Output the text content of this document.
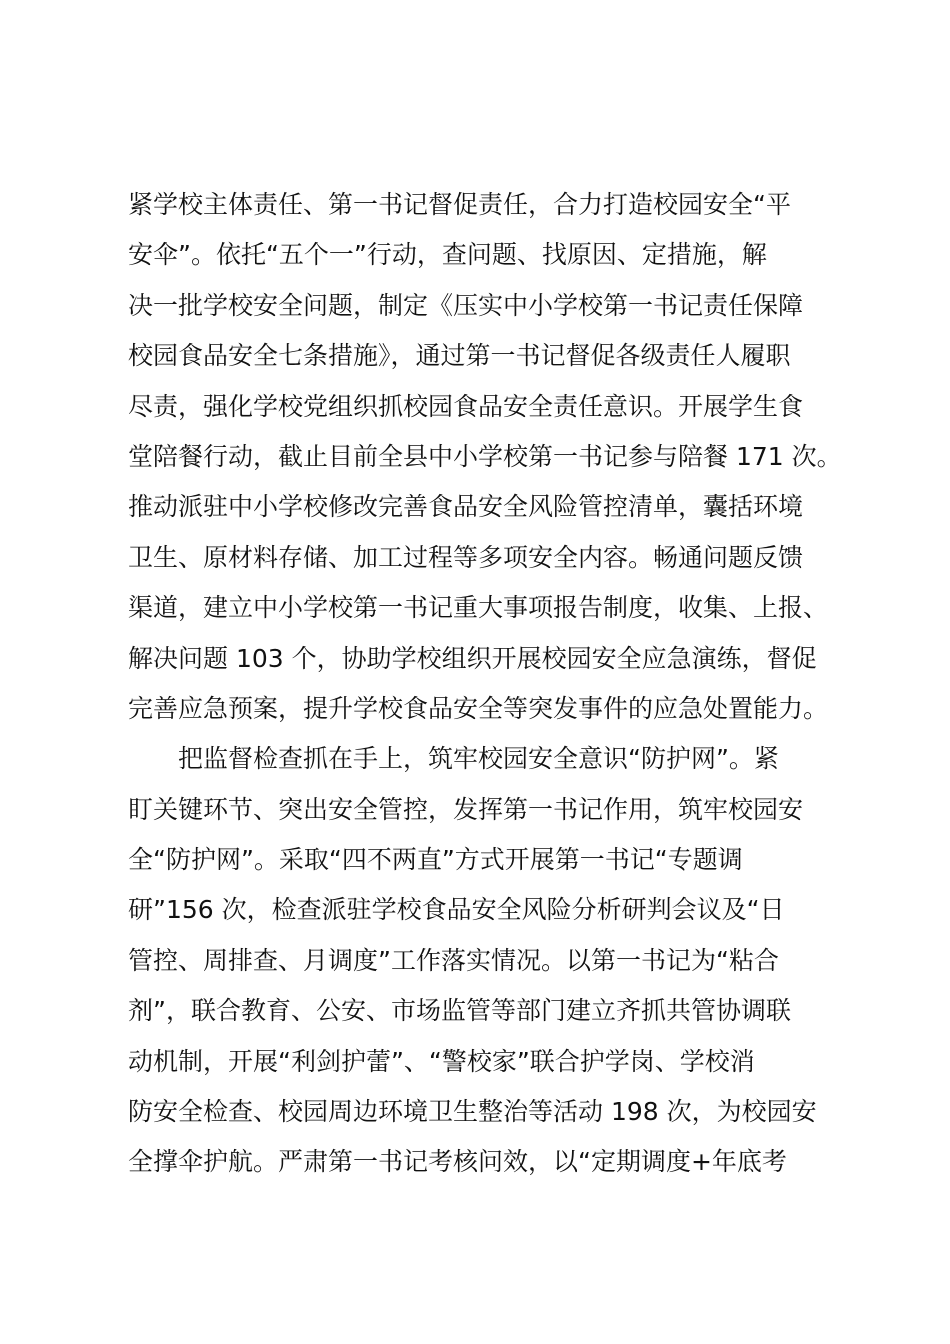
紧学校主体责任、第一书记督促责任，合力打造校园安全“平
安伞”。依托“五个一”行动，查问题、找原因、定措施，解
决一批学校安全问题，制定《压实中小学校第一书记责任保障
校园食品安全七条措施》，通过第一书记督促各级责任人履职
尽责，强化学校党组织抓校园食品安全责任意识。开展学生食
堂陪餐行动，截止目前全县中小学校第一书记参与陪餐 171 次。
推动派驻中小学校修改完善食品安全风险管控清单，囊括环境
卫生、原材料存储、加工过程等多项安全内容。畅通问题反馈
渠道，建立中小学校第一书记重大事项报告制度，收集、上报、
解决问题 103 个，协助学校组织开展校园安全应急演练，督促
完善应急预案，提升学校食品安全等突发事件的应急处置能力。
把监督检查抓在手上，筑牢校园安全意识“防护网”。紧
盯关键环节、突出安全管控，发挥第一书记作用，筑牢校园安
全“防护网”。采取“四不两直”方式开展第一书记“专题调
研”156 次，检查派驻学校食品安全风险分析研判会议及“日
管控、周排查、月调度”工作落实情况。以第一书记为“粘合
剂”，联合教育、公安、市场监管等部门建立齐抓共管协调联
动机制，开展“利剑护蕾”、“警校家”联合护学岗、学校消
防安全检查、校园周边环境卫生整治等活动 198 次，为校园安
全撑伞护航。严肃第一书记考核问效，以“定期调度+年底考
